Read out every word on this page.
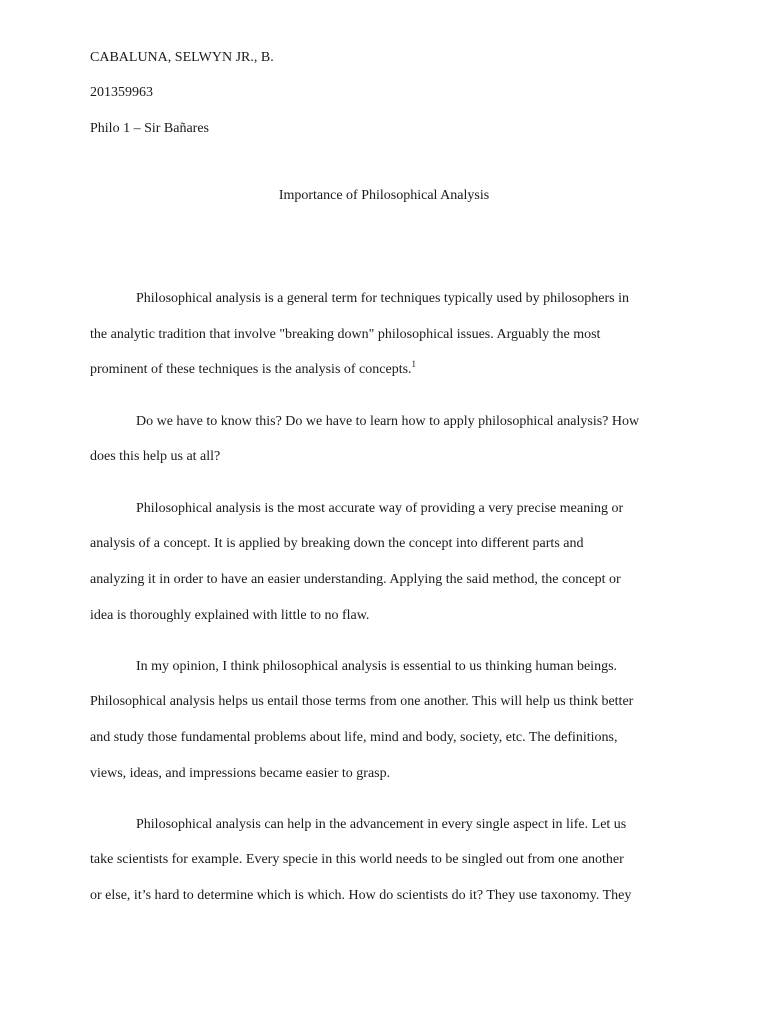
CABALUNA, SELWYN JR., B.
201359963
Philo 1 – Sir Bañares
Importance of Philosophical Analysis
Philosophical analysis is a general term for techniques typically used by philosophers in
the analytic tradition that involve "breaking down" philosophical issues. Arguably the most
prominent of these techniques is the analysis of concepts.$^1$
Do we have to know this? Do we have to learn how to apply philosophical analysis? How
does this help us at all?
Philosophical analysis is the most accurate way of providing a very precise meaning or
analysis of a concept. It is applied by breaking down the concept into different parts and
analyzing it in order to have an easier understanding. Applying the said method, the concept or
idea is thoroughly explained with little to no flaw.
In my opinion, I think philosophical analysis is essential to us thinking human beings.
Philosophical analysis helps us entail those terms from one another. This will help us think better
and study those fundamental problems about life, mind and body, society, etc. The definitions,
views, ideas, and impressions became easier to grasp.
Philosophical analysis can help in the advancement in every single aspect in life. Let us
take scientists for example. Every specie in this world needs to be singled out from one another
or else, it’s hard to determine which is which. How do scientists do it? They use taxonomy. They
